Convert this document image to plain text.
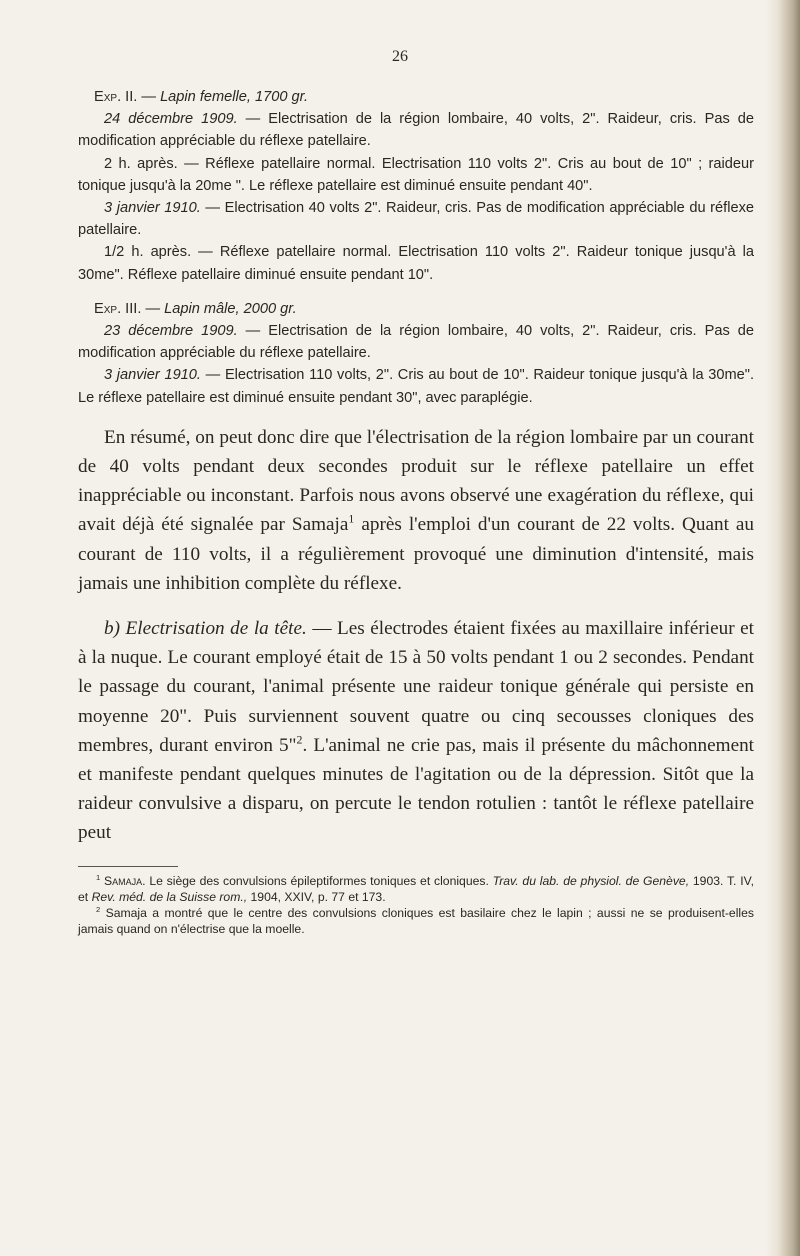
26

Exp. II. — Lapin femelle, 1700 gr.

24 décembre 1909. — Electrisation de la région lombaire, 40 volts, 2". Raideur, cris. Pas de modification appréciable du réflexe patellaire.

2 h. après. — Réflexe patellaire normal. Electrisation 110 volts 2". Cris au bout de 10" ; raideur tonique jusqu'à la 20me ". Le réflexe patellaire est diminué ensuite pendant 40".

3 janvier 1910. — Electrisation 40 volts 2". Raideur, cris. Pas de modification appréciable du réflexe patellaire.

1/2 h. après. — Réflexe patellaire normal. Electrisation 110 volts 2". Raideur tonique jusqu'à la 30me". Réflexe patellaire diminué ensuite pendant 10".

Exp. III. — Lapin mâle, 2000 gr.

23 décembre 1909. — Electrisation de la région lombaire, 40 volts, 2". Raideur, cris. Pas de modification appréciable du réflexe patellaire.

3 janvier 1910. — Electrisation 110 volts, 2". Cris au bout de 10". Raideur tonique jusqu'à la 30me". Le réflexe patellaire est diminué ensuite pendant 30", avec paraplégie.

En résumé, on peut donc dire que l'électrisation de la région lombaire par un courant de 40 volts pendant deux secondes produit sur le réflexe patellaire un effet inappréciable ou inconstant. Parfois nous avons observé une exagération du réflexe, qui avait déjà été signalée par Samaja$^1$ après l'emploi d'un courant de 22 volts. Quant au courant de 110 volts, il a régulièrement provoqué une diminution d'intensité, mais jamais une inhibition complète du réflexe.

b) Electrisation de la tête. — Les électrodes étaient fixées au maxillaire inférieur et à la nuque. Le courant employé était de 15 à 50 volts pendant 1 ou 2 secondes. Pendant le passage du courant, l'animal présente une raideur tonique générale qui persiste en moyenne 20". Puis surviennent souvent quatre ou cinq secousses cloniques des membres, durant environ 5"$^2$. L'animal ne crie pas, mais il présente du mâchonnement et manifeste pendant quelques minutes de l'agitation ou de la dépression. Sitôt que la raideur convulsive a disparu, on percute le tendon rotulien : tantôt le réflexe patellaire peut

$^1$ Samaja. Le siège des convulsions épileptiformes toniques et cloniques. Trav. du lab. de physiol. de Genève, 1903. T. IV, et Rev. méd. de la Suisse rom., 1904, XXIV, p. 77 et 173.

$^2$ Samaja a montré que le centre des convulsions cloniques est basilaire chez le lapin ; aussi ne se produisent-elles jamais quand on n'électrise que la moelle.
